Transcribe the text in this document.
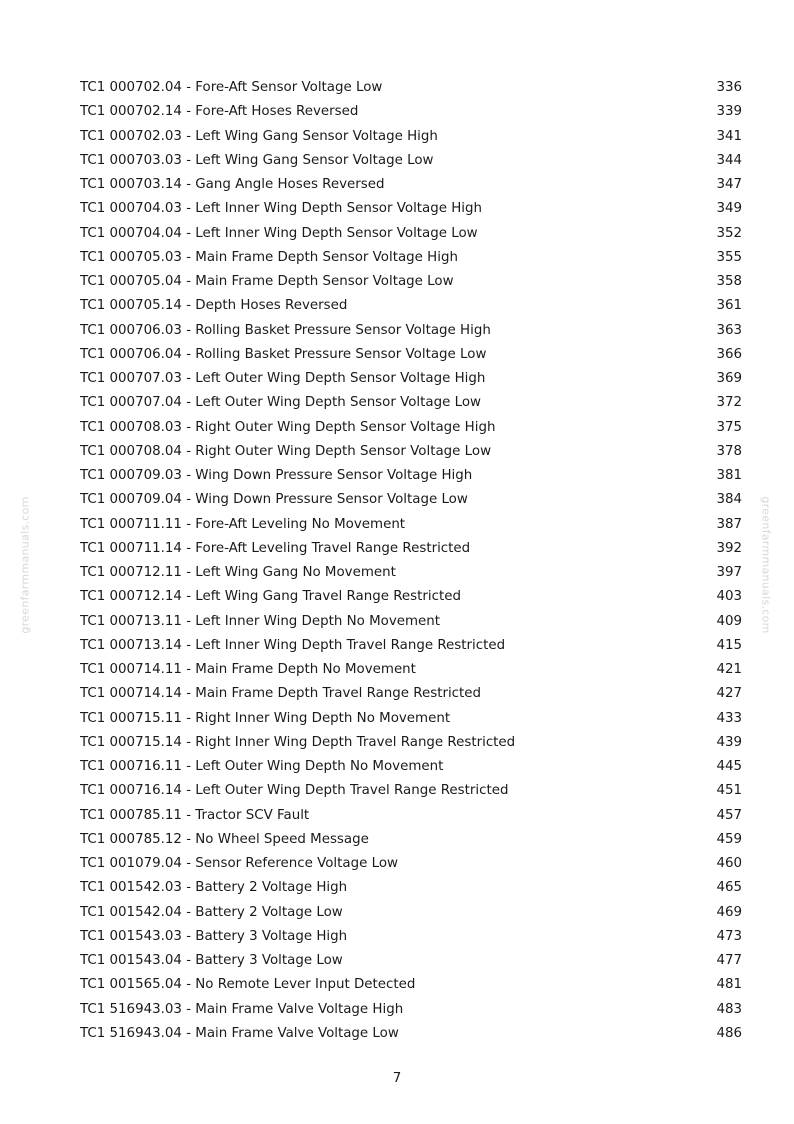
greenfarmmanuals.com	greenfarmmanuals.com
TC1 000702.04 - Fore-Aft Sensor Voltage Low	336
TC1 000702.14 - Fore-Aft Hoses Reversed	339
TC1 000702.03 - Left Wing Gang Sensor Voltage High	341
TC1 000703.03 - Left Wing Gang Sensor Voltage Low	344
TC1 000703.14 - Gang Angle Hoses Reversed	347
TC1 000704.03 - Left Inner Wing Depth Sensor Voltage High	349
TC1 000704.04 - Left Inner Wing Depth Sensor Voltage Low	352
TC1 000705.03 - Main Frame Depth Sensor Voltage High	355
TC1 000705.04 - Main Frame Depth Sensor Voltage Low	358
TC1 000705.14 - Depth Hoses Reversed	361
TC1 000706.03 - Rolling Basket Pressure Sensor Voltage High	363
TC1 000706.04 - Rolling Basket Pressure Sensor Voltage Low	366
TC1 000707.03 - Left Outer Wing Depth Sensor Voltage High	369
TC1 000707.04 - Left Outer Wing Depth Sensor Voltage Low	372
TC1 000708.03 - Right Outer Wing Depth Sensor Voltage High	375
TC1 000708.04 - Right Outer Wing Depth Sensor Voltage Low	378
TC1 000709.03 - Wing Down Pressure Sensor Voltage High	381
TC1 000709.04 - Wing Down Pressure Sensor Voltage Low	384
TC1 000711.11 - Fore-Aft Leveling No Movement	387
TC1 000711.14 - Fore-Aft Leveling Travel Range Restricted	392
TC1 000712.11 - Left Wing Gang No Movement	397
TC1 000712.14 - Left Wing Gang Travel Range Restricted	403
TC1 000713.11 - Left Inner Wing Depth No Movement	409
TC1 000713.14 - Left Inner Wing Depth Travel Range Restricted	415
TC1 000714.11 - Main Frame Depth No Movement	421
TC1 000714.14 - Main Frame Depth Travel Range Restricted	427
TC1 000715.11 - Right Inner Wing Depth No Movement	433
TC1 000715.14 - Right Inner Wing Depth Travel Range Restricted	439
TC1 000716.11 - Left Outer Wing Depth No Movement	445
TC1 000716.14 - Left Outer Wing Depth Travel Range Restricted	451
TC1 000785.11 - Tractor SCV Fault	457
TC1 000785.12 - No Wheel Speed Message	459
TC1 001079.04 - Sensor Reference Voltage Low	460
TC1 001542.03 - Battery 2 Voltage High	465
TC1 001542.04 - Battery 2 Voltage Low	469
TC1 001543.03 - Battery 3 Voltage High	473
TC1 001543.04 - Battery 3 Voltage Low	477
TC1 001565.04 - No Remote Lever Input Detected	481
TC1 516943.03 - Main Frame Valve Voltage High	483
TC1 516943.04 - Main Frame Valve Voltage Low	486
7
